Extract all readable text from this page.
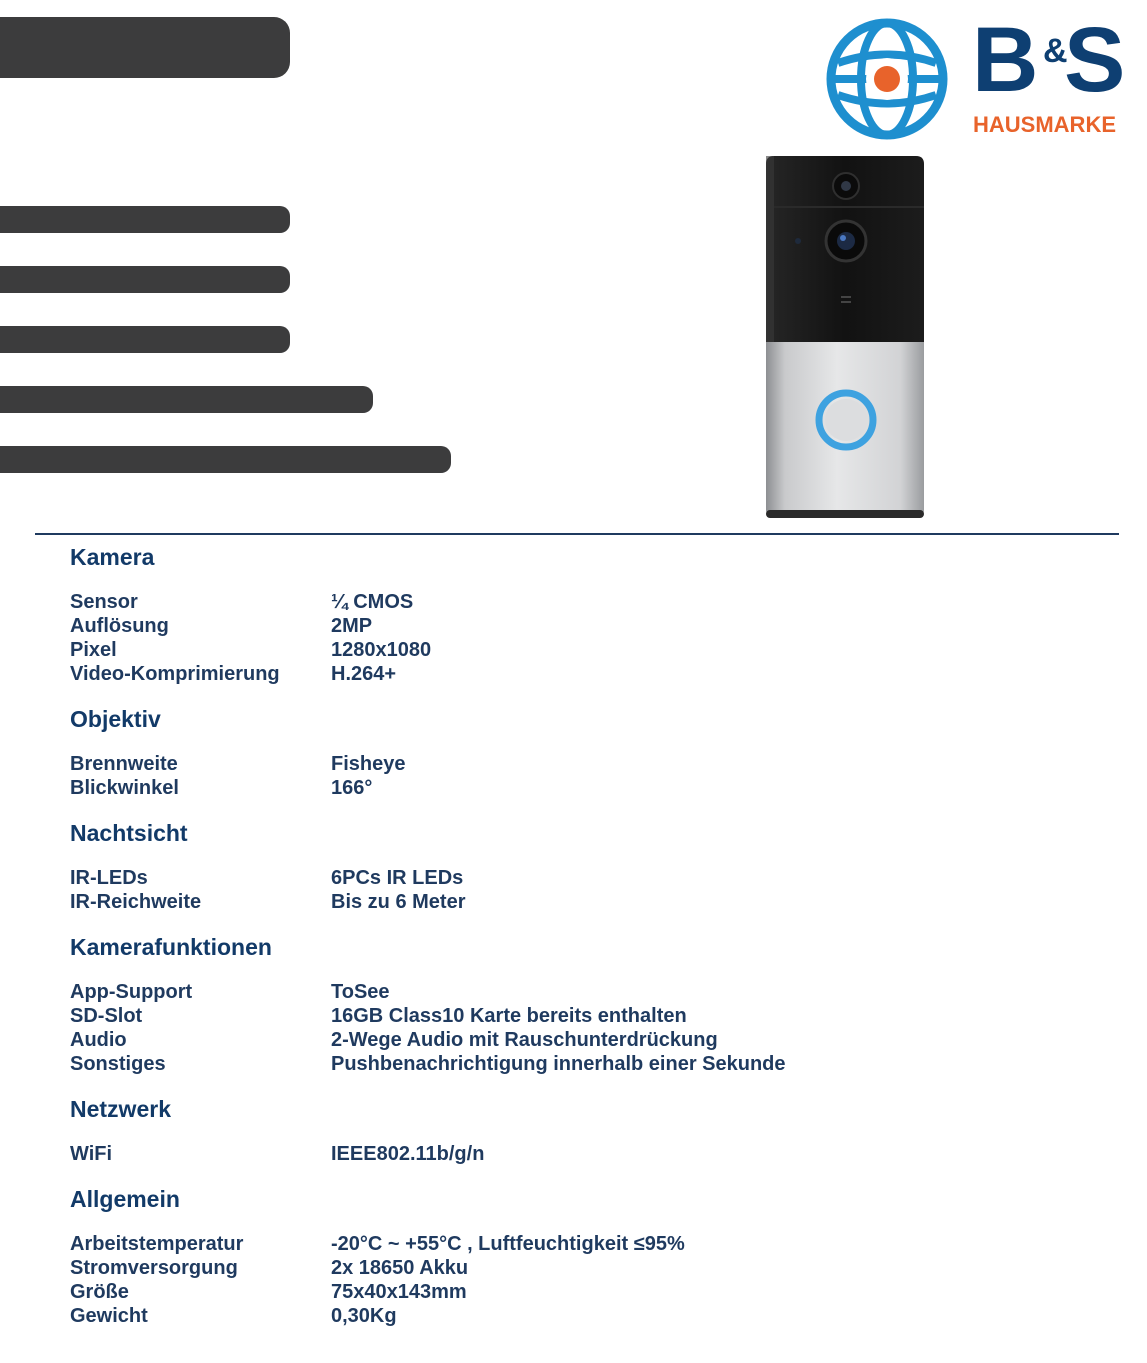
B &
S
HAUSMARKE
Kamera
Sensor	¼ CMOS
Auflösung	2MP
Pixel	1280x1080
Video-Komprimierung	H.264+
Objektiv
Brennweite	Fisheye
Blickwinkel	166°
Nachtsicht
IR-LEDs	6PCs IR LEDs
IR-Reichweite	Bis zu 6 Meter
Kamerafunktionen
App-Support	ToSee
SD-Slot	16GB Class10 Karte bereits enthalten
Audio	2-Wege Audio mit Rauschunterdrückung
Sonstiges	Pushbenachrichtigung innerhalb einer Sekunde
Netzwerk
WiFi	IEEE802.11b/g/n
Allgemein
Arbeitstemperatur	-20°C ~ +55°C , Luftfeuchtigkeit ≤95%
Stromversorgung	2x 18650 Akku
Größe	75x40x143mm
Gewicht	0,30Kg
